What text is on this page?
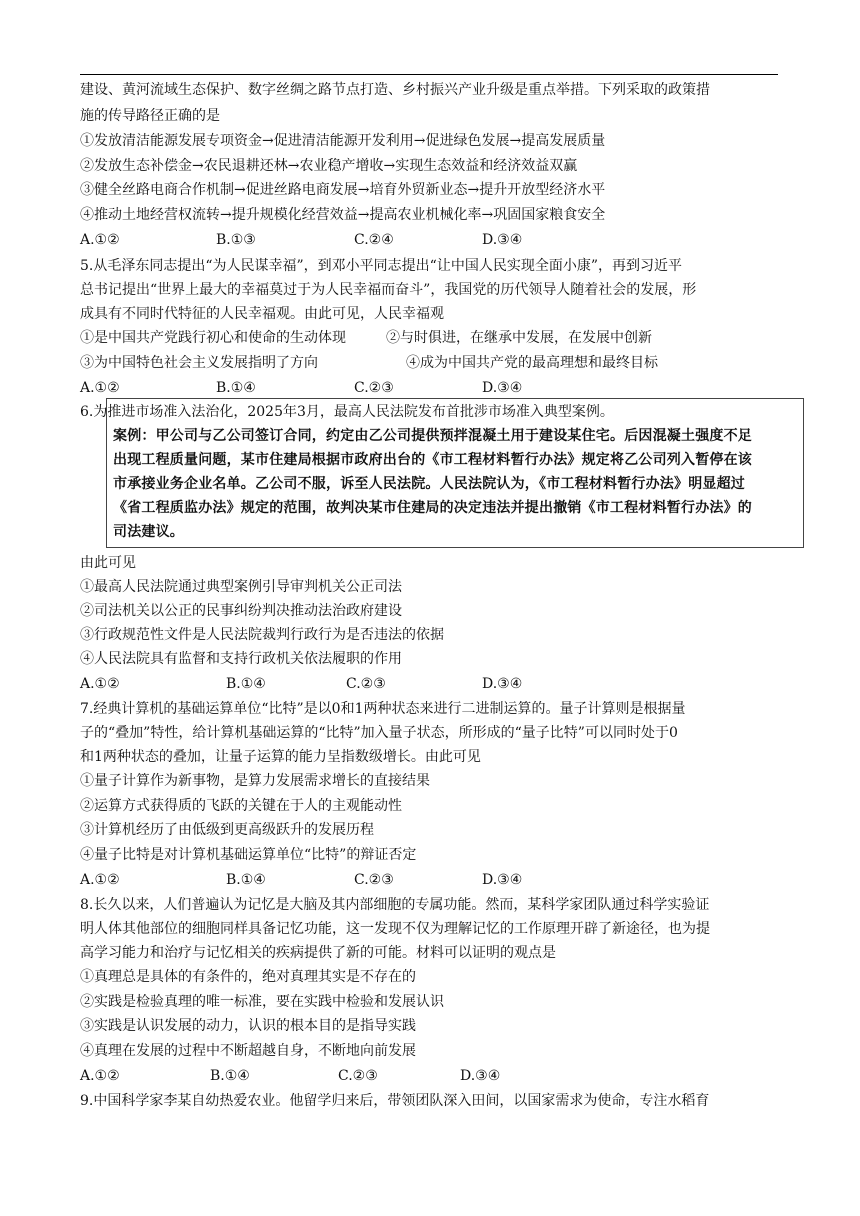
建设、黄河流域生态保护、数字丝绸之路节点打造、乡村振兴产业升级是重点举措。下列采取的政策措
施的传导路径正确的是
①发放清洁能源发展专项资金→促进清洁能源开发利用→促进绿色发展→提高发展质量
②发放生态补偿金→农民退耕还林→农业稳产增收→实现生态效益和经济效益双赢
③健全丝路电商合作机制→促进丝路电商发展→培育外贸新业态→提升开放型经济水平
④推动土地经营权流转→提升规模化经营效益→提高农业机械化率→巩固国家粮食安全
A.①②	B.①③	C.②④	D.③④
5.从毛泽东同志提出“为人民谋幸福”，到邓小平同志提出“让中国人民实现全面小康”，再到习近平
总书记提出“世界上最大的幸福莫过于为人民幸福而奋斗”，我国党的历代领导人随着社会的发展，形
成具有不同时代特征的人民幸福观。由此可见，人民幸福观
①是中国共产党践行初心和使命的生动体现	②与时俱进，在继承中发展，在发展中创新
③为中国特色社会主义发展指明了方向	④成为中国共产党的最高理想和最终目标
A.①②	B.①④	C.②③	D.③④
6.为推进市场准入法治化，2025年3月，最高人民法院发布首批涉市场准入典型案例。
案例：甲公司与乙公司签订合同，约定由乙公司提供预拌混凝土用于建设某住宅。后因混凝土强度不足
出现工程质量问题，某市住建局根据市政府出台的《市工程材料暂行办法》规定将乙公司列入暂停在该
市承接业务企业名单。乙公司不服，诉至人民法院。人民法院认为，《市工程材料暂行办法》明显超过
《省工程质监办法》规定的范围，故判决某市住建局的决定违法并提出撤销《市工程材料暂行办法》的
司法建议。
由此可见
①最高人民法院通过典型案例引导审判机关公正司法
②司法机关以公正的民事纠纷判决推动法治政府建设
③行政规范性文件是人民法院裁判行政行为是否违法的依据
④人民法院具有监督和支持行政机关依法履职的作用
A.①②	B.①④	C.②③	D.③④
7.经典计算机的基础运算单位“比特”是以0和1两种状态来进行二进制运算的。量子计算则是根据量
子的“叠加”特性，给计算机基础运算的“比特”加入量子状态，所形成的“量子比特”可以同时处于0
和1两种状态的叠加，让量子运算的能力呈指数级增长。由此可见
①量子计算作为新事物，是算力发展需求增长的直接结果
②运算方式获得质的飞跃的关键在于人的主观能动性
③计算机经历了由低级到更高级跃升的发展历程
④量子比特是对计算机基础运算单位“比特”的辩证否定
A.①②	B.①④	C.②③	D.③④
8.长久以来，人们普遍认为记忆是大脑及其内部细胞的专属功能。然而，某科学家团队通过科学实验证
明人体其他部位的细胞同样具备记忆功能，这一发现不仅为理解记忆的工作原理开辟了新途径，也为提
高学习能力和治疗与记忆相关的疾病提供了新的可能。材料可以证明的观点是
①真理总是具体的有条件的，绝对真理其实是不存在的
②实践是检验真理的唯一标准，要在实践中检验和发展认识
③实践是认识发展的动力，认识的根本目的是指导实践
④真理在发展的过程中不断超越自身，不断地向前发展
A.①②	B.①④	C.②③	D.③④
9.中国科学家李某自幼热爱农业。他留学归来后，带领团队深入田间，以国家需求为使命，专注水稻育
